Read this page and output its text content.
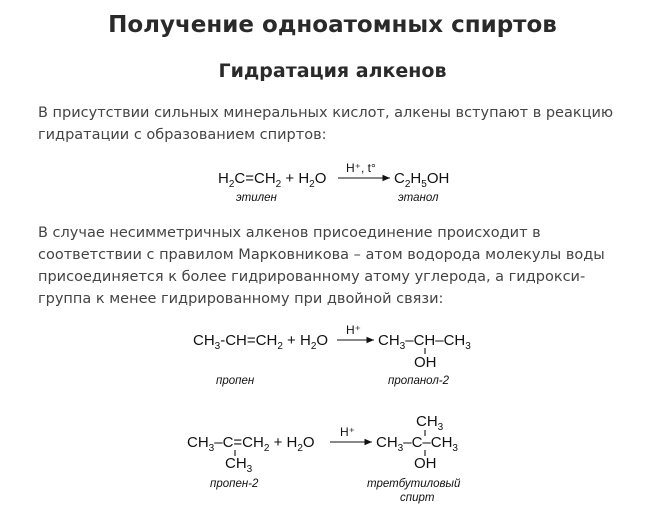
Получение одноатомных спиртов
Гидратация алкенов
В присутствии сильных минеральных кислот, алкены вступают в реакцию гидратации с образованием спиртов:
В случае несимметричных алкенов присоединение происходит в соответствии с правилом Марковникова – атом водорода молекулы воды присоединяется к более гидрированному атому углерода, а гидрокси-группа к менее гидрированному при двойной связи:
$H_2C=CH_2 + H_2O$
H⁺, t°
$C_2H_5OH$
этилен	этанол
$CH_3-CH=CH_2 + H_2O$
H⁺
$CH_3-CH-CH_3$
OH
пропен	пропанол-2
$CH_3-C=CH_2 + H_2O$
$CH_3$
H⁺
$CH_3$
$CH_3-C-CH_3$
OH
пропен-2	третбутиловый
спирт
